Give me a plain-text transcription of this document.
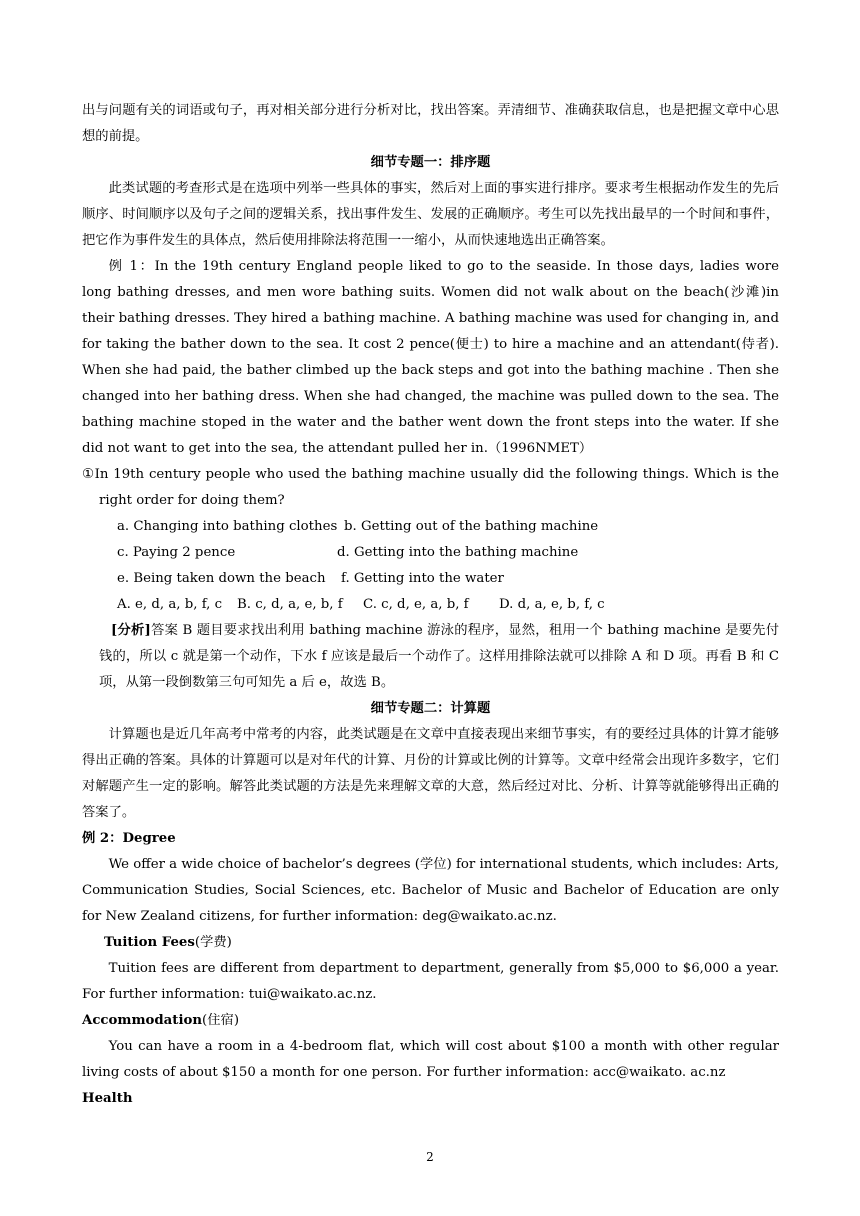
出与问题有关的词语或句子，再对相关部分进行分析对比，找出答案。弄清细节、准确获取信息，也是把握文章中心思想的前提。

细节专题一：排序题

此类试题的考查形式是在选项中列举一些具体的事实，然后对上面的事实进行排序。要求考生根据动作发生的先后顺序、时间顺序以及句子之间的逻辑关系，找出事件发生、发展的正确顺序。考生可以先找出最早的一个时间和事件，把它作为事件发生的具体点，然后使用排除法将范围一一缩小，从而快速地选出正确答案。

例 1：In the 19th century England people liked to go to the seaside. In those days, ladies wore long bathing dresses, and men wore bathing suits. Women did not walk about on the beach(沙滩)in their bathing dresses. They hired a bathing machine. A bathing machine was used for changing in, and for taking the bather down to the sea. It cost 2 pence(便士) to hire a machine and an attendant(侍者). When she had paid, the bather climbed up the back steps and got into the bathing machine . Then she changed into her bathing dress. When she had changed, the machine was pulled down to the sea. The bathing machine stoped in the water and the bather went down the front steps into the water. If she did not want to get into the sea, the attendant pulled her in.（1996NMET）

①In 19th century people who used the bathing machine usually did the following things. Which is the right order for doing them?

a. Changing into bathing clothes b. Getting out of the bathing machine
c. Paying 2 pence	d. Getting into the bathing machine
e. Being taken down the beach f. Getting into the water
A. e, d, a, b, f, c B. c, d, a, e, b, f C. c, d, e, a, b, f D. d, a, e, b, f, c

[分析]答案 B 题目要求找出利用 bathing machine 游泳的程序，显然，租用一个 bathing machine 是要先付钱的，所以 c 就是第一个动作，下水 f 应该是最后一个动作了。这样用排除法就可以排除 A 和 D 项。再看 B 和 C 项，从第一段倒数第三句可知先 a 后 e，故选 B。

细节专题二：计算题

计算题也是近几年高考中常考的内容，此类试题是在文章中直接表现出来细节事实，有的要经过具体的计算才能够得出正确的答案。具体的计算题可以是对年代的计算、月份的计算或比例的计算等。文章中经常会出现许多数字，它们对解题产生一定的影响。解答此类试题的方法是先来理解文章的大意，然后经过对比、分析、计算等就能够得出正确的答案了。

例 2：Degree

We offer a wide choice of bachelor’s degrees (学位) for international students, which includes: Arts, Communication Studies, Social Sciences, etc. Bachelor of Music and Bachelor of Education are only for New Zealand citizens, for further information: deg@waikato.ac.nz.

Tuition Fees(学费)

Tuition fees are different from department to department, generally from $5,000 to $6,000 a year. For further information: tui@waikato.ac.nz.

Accommodation(住宿)

You can have a room in a 4-bedroom flat, which will cost about $100 a month with other regular living costs of about $150 a month for one person. For further information: acc@waikato. ac.nz

Health

2
